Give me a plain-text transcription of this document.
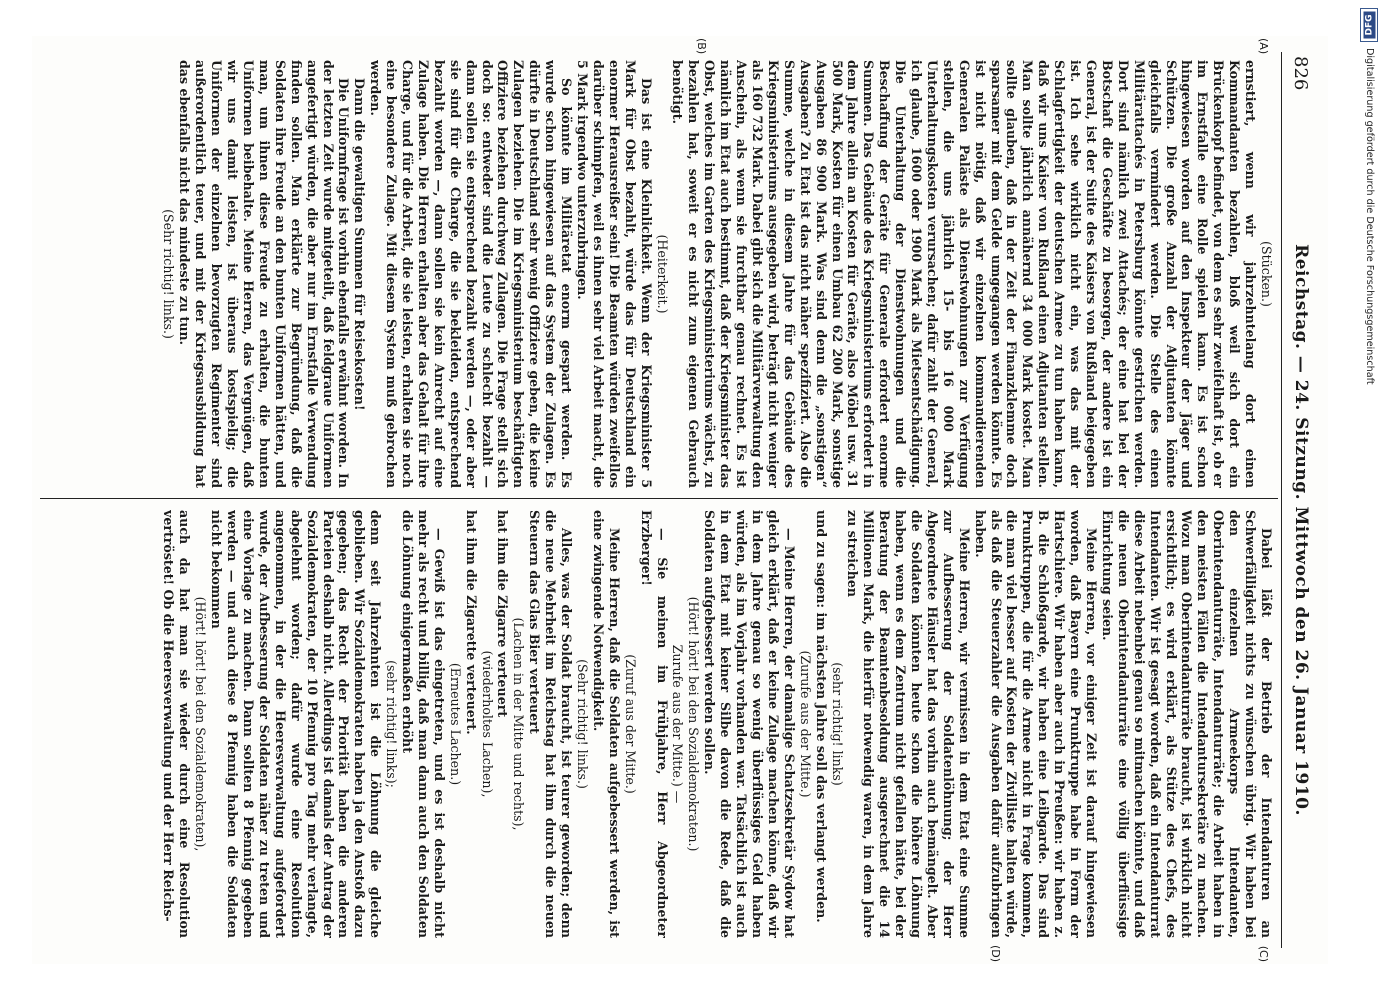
826
Reichstag. — 24. Sitzung. Mittwoch den 26. Januar 1910.
(A)
(B)
(C)
(D)

(Stücken.)

ernstiert, wenn wir jahrzehntelang dort einen Kommandanten bezahlen, bloß weil sich dort ein Brückenkopf befindet, von dem es sehr zweifelhaft ist, ob er im Ernstfalle eine Rolle spielen kann. Es ist schon hingewiesen worden auf den Inspekteur der Jäger und Schützen. Die große Anzahl der Adjutanten könnte gleichfalls vermindert werden. Die Stelle des einen Militärattachés in Petersburg könnte gestrichen werden. Dort sind nämlich zwei Attachés; der eine hat bei der Botschaft die Geschäfte zu besorgen, der andere ist ein General, ist der Suite des Kaisers von Rußland beigegeben ist. Ich sehe wirklich nicht ein, was das mit der Schlagfertigkeit der deutschen Armee zu tun haben kann, daß wir uns Kaiser von Rußland einen Adjutanten stellen. Man sollte jährlich annähernd 34 000 Mark kostet. Man sollte glauben, daß in der Zeit der Finanzklemme doch sparsamer mit dem Gelde umgegangen werden könnte. Es ist nicht nötig, daß wir einzelnen kommandierenden Generalen Paläste als Dienstwohnungen zur Verfügung stellen, die uns jährlich 15- bis 16 000 Mark Unterhaltungskosten verursachen; dafür zahlt der General, ich glaube, 1600 oder 1900 Mark als Mietsentschädigung. Die Unterhaltung der Dienstwohnungen und die Beschaffung der Geräte für Generale erfordert enorme Summen. Das Gebäude des Kriegsministeriums erfordert in dem Jahre allein an Kosten für Geräte, also Möbel usw. 31 500 Mark, Kosten für einen Umbau 62 200 Mark, sonstige Ausgaben 86 900 Mark. Was sind denn die „sonstigen“ Ausgaben? Zu Etat ist das nicht näher spezifiziert. Also die Summe, welche in diesem Jahre für das Gebäude des Kriegsministeriums ausgegeben wird, beträgt nicht weniger als 160 732 Mark. Dabei gibt sich die Militärverwaltung den Anschein, als wenn sie furchtbar genau rechnet. Es ist nämlich im Etat auch bestimmt, daß der Kriegsminister das Obst, welches im Garten des Kriegsministeriums wächst, zu bezahlen hat, soweit er es nicht zum eigenen Gebrauch benötigt.

(Heiterkeit.)

Das ist eine Kleinlichkeit. Wenn der Kriegsminister 5 Mark für Obst bezahlt, würde das für Deutschland ein enormer Herausreißer sein! Die Beamten würden zweifellos darüber schimpfen, weil es ihnen sehr viel Arbeit macht, die 5 Mark irgendwo unterzubringen.

So könnte im Militäretat enorm gespart werden. Es wurde schon hingewiesen auf das System der Zulagen. Es dürfte in Deutschland sehr wenig Offiziere geben, die keine Zulagen beziehen. Die im Kriegsministerium beschäftigten Offiziere beziehen durchweg Zulagen. Die Frage stellt sich doch so: entweder sind die Leute zu schlecht bezahlt — dann sollen sie entsprechend bezahlt werden —, oder aber sie sind für die Charge, die sie bekleiden, entsprechend bezahlt worden —, dann sollen sie kein Anrecht auf eine Zulage haben. Die Herren erhalten aber das Gehalt für ihre Charge, und für die Arbeit, die sie leisten, erhalten sie noch eine besondere Zulage. Mit diesem System muß gebrochen werden.

Dann die gewaltigen Summen für Reisekosten!

Die Uniformfrage ist vorhin ebenfalls erwähnt worden. In der letzten Zeit wurde mitgeteilt, daß feldgraue Uniformen angefertigt würden, die aber nur im Ernstfalle Verwendung finden sollen. Man erklärte zur Begründung, daß die Soldaten ihre Freude an den bunten Uniformen hätten, und man, um ihnen diese Freude zu erhalten, die bunten Uniformen beibehalte. Meine Herren, das Vergnügen, daß wir uns damit leisten, ist überaus kostspielig; die Uniformen der einzelnen bevorzugten Regimenter sind außerordentlich teuer, und mit der Kriegsausbildung hat das ebenfalls nicht das mindeste zu tun.

(Sehr richtig! links.)

Dabei läßt der Betrieb der Intendanturen an Schwerfälligkeit nichts zu wünschen übrig. Wir haben bei den einzelnen Armeekorps Intendanten, Oberintendanturräte, Intendanturräte; die Arbeit haben in den meisten Fällen die Intendantursekretäre zu machen. Wozu man Oberintendanturräte braucht, ist wirklich nicht ersichtlich; es wird erklärt, als Stütze des Chefs, des Intendanten. Wir ist gesagt worden, daß ein Intendanturrat diese Arbeit nebenbei genau so mitmachen könnte, und daß die neuen Oberintendanturräte eine völlig überflüssige Einrichtung seien.

Meine Herren, vor einiger Zeit ist darauf hingewiesen worden, daß Bayern eine Prunktruppe habe in Form der Hartschiere. Wir haben aber auch in Preußen: wir haben z. B. die Schloßgarde, wir haben eine Leibgarde. Das sind Prunktruppen, die für die Armee nicht in Frage kommen, die man viel besser auf Kosten der Zivilliste halten würde, als daß die Steuerzahler die Ausgaben dafür aufzubringen haben.

Meine Herren, wir vermissen in dem Etat eine Summe zur Aufbesserung der Soldatenlöhnung; der Herr Abgeordnete Häusler hat das vorhin auch bemängelt. Aber die Soldaten könnten heute schon die höhere Löhnung haben, wenn es dem Zentrum nicht gefallen hätte, bei der Beratung der Beamtenbesoldung ausgerechnet die 14 Millionen Mark, die hierfür notwendig waren, in dem Jahre zu streichen

(sehr richtig! links)

und zu sagen: im nächsten Jahre soll das verlangt werden.

(Zurufe aus der Mitte.)

— Meine Herren, der damalige Schatzsekretär Sydow hat gleich erklärt, daß er keine Zulage machen könne, daß wir in dem Jahre genau so wenig überflüssiges Geld haben würden, als im Vorjahr vorhanden war. Tatsächlich ist auch in dem Etat mit keiner Silbe davon die Rede, daß die Soldaten aufgebessert werden sollen.

(Hört! hört! bei den Sozialdemokraten.)

Zurufe aus der Mitte.) —

— Sie meinen im Frühjahre, Herr Abgeordneter Erzberger!

(Zuruf aus der Mitte.)

Meine Herren, daß die Soldaten aufgebessert werden, ist eine zwingende Notwendigkeit.

(Sehr richtig! links.)

Alles, was der Soldat braucht, ist teurer geworden; denn die neue Mehrheit im Reichstag hat ihm durch die neuen Steuern das Glas Bier verteuert

(Lachen in der Mitte und rechts),

hat ihm die Zigarre verteuert

(wiederholtes Lachen),

hat ihm die Zigarette verteuert.

(Erneutes Lachen.)

— Gewiß ist das eingetreten, und es ist deshalb nicht mehr als recht und billig, daß man dann auch den Soldaten die Löhnung einigermaßen erhöht

(sehr richtig! links);

denn seit Jahrzehnten ist die Löhnung die gleiche geblieben. Wir Sozialdemokraten haben ja den Anstoß dazu gegeben; das Recht der Priorität haben die anderen Parteien deshalb nicht. Allerdings ist damals der Antrag der Sozialdemokraten, der 10 Pfennig pro Tag mehr verlangte, abgelehnt worden; dafür wurde eine Resolution angenommen, in der die Heeresverwaltung aufgefordert wurde, der Aufbesserung der Soldaten näher zu treten und eine Vorlage zu machen. Dann sollten 8 Pfennig gegeben werden — und auch diese 8 Pfennig haben die Soldaten nicht bekommen

(Hört! hört! bei den Sozialdemokraten),

auch da hat man sie wieder durch eine Resolution vertröstet! Ob die Heeresverwaltung und der Herr Reichs-

DFG
Digitalisierung gefördert durch die Deutsche Forschungsgemeinschaft
